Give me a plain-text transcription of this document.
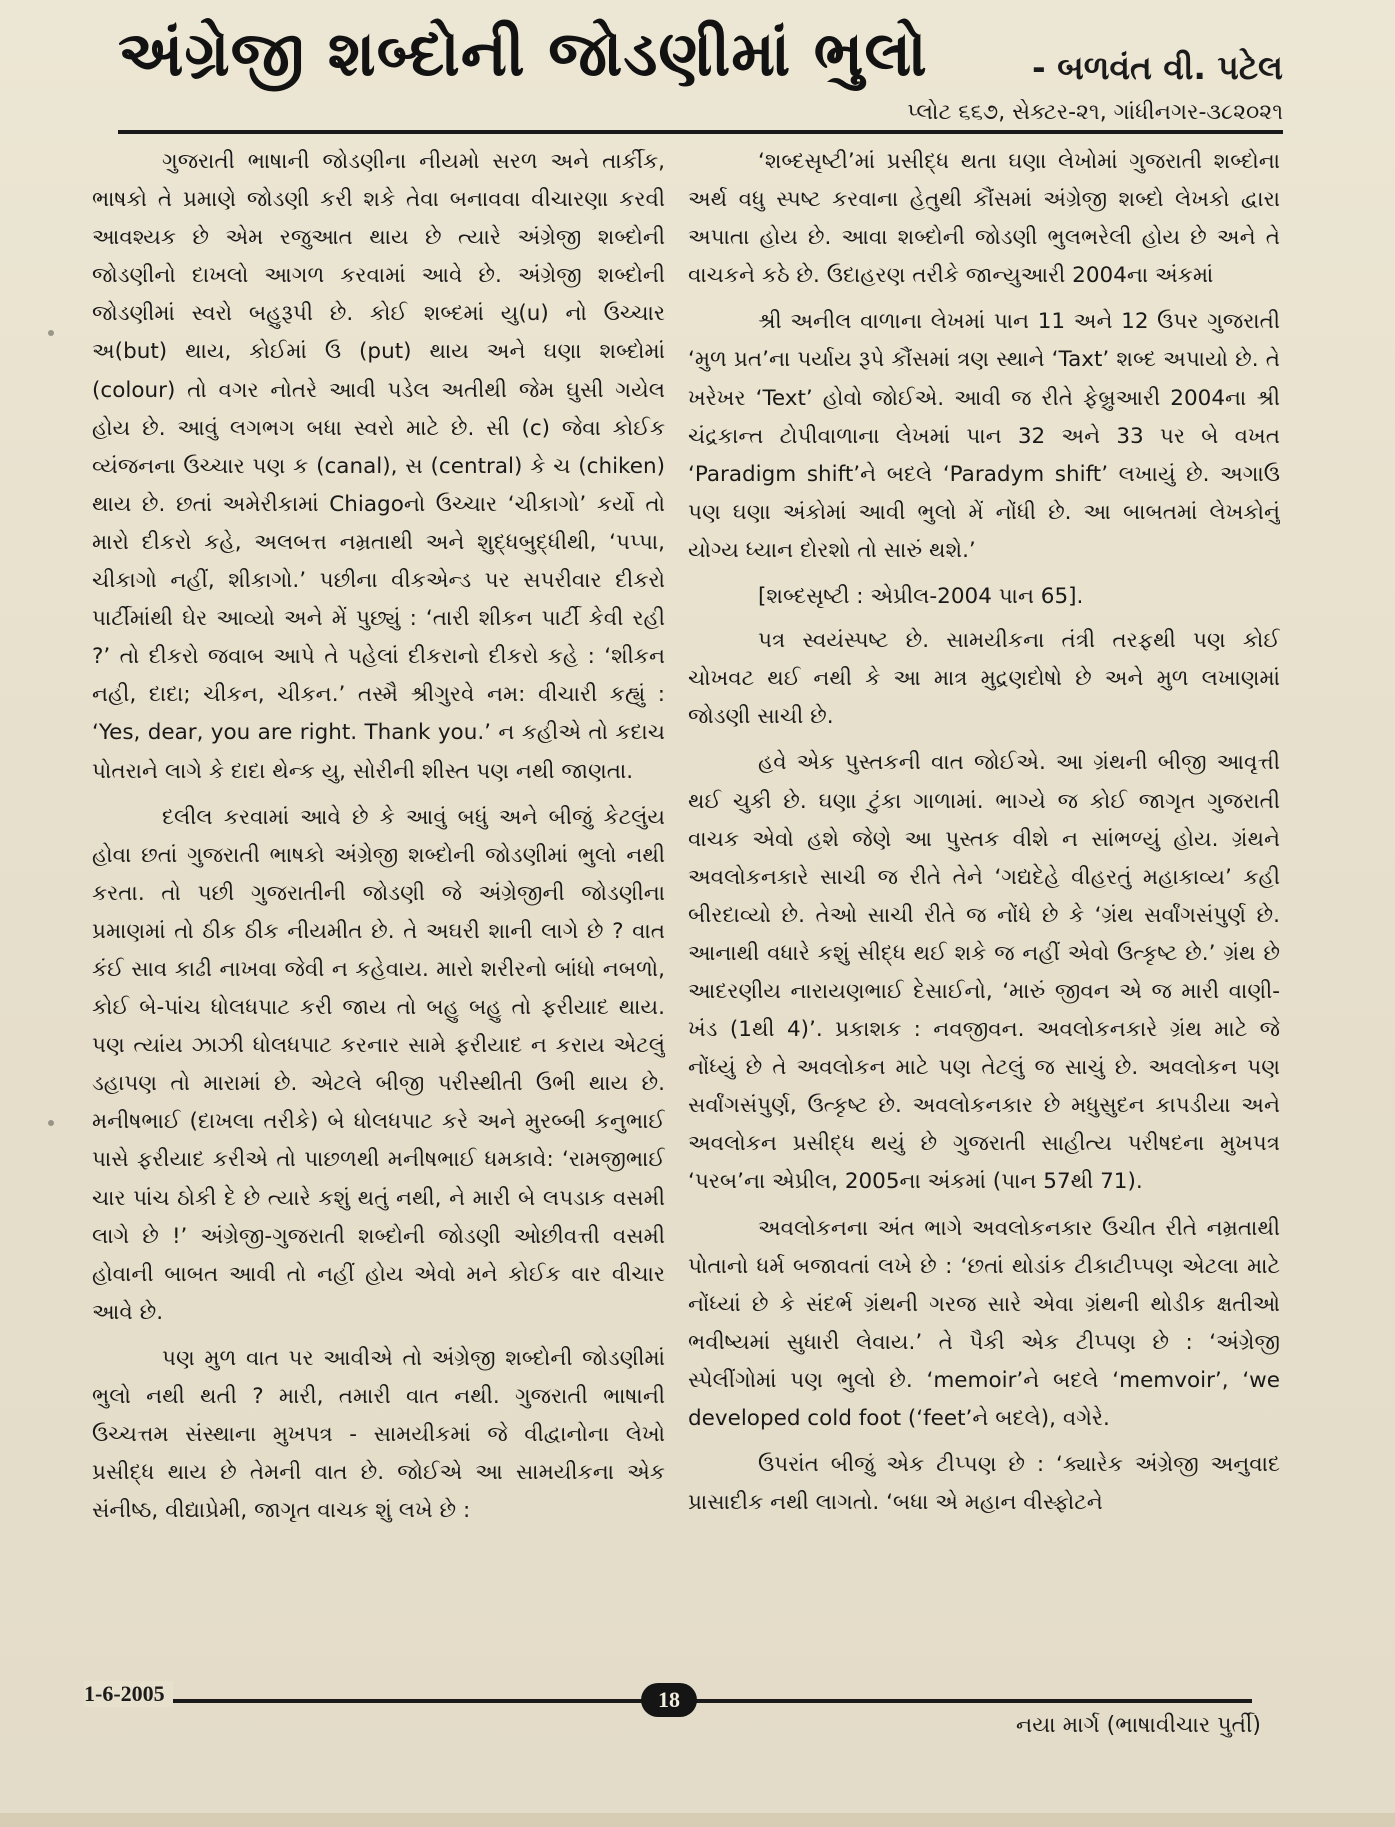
અંગ્રેજી શબ્દોની જોડણીમાં ભુલો	- બળવંત વી. પટેલ
પ્લોટ ૬૬૭, સેક્ટર-૨૧, ગાંધીનગર-૩૮૨૦૨૧

ગુજરાતી ભાષાની જોડણીના નીયમો સરળ અને તાર્કીક, ભાષકો તે પ્રમાણે જોડણી કરી શકે તેવા બનાવવા વીચારણા કરવી આવશ્યક છે એમ રજુઆત થાય છે ત્યારે અંગ્રેજી શબ્દોની જોડણીનો દાખલો આગળ કરવામાં આવે છે. અંગ્રેજી શબ્દોની જોડણીમાં સ્વરો બહુરૂપી છે. કોઈ શબ્દમાં યુ(u) નો ઉચ્ચાર અ(but) થાય, કોઈમાં ઉ (put) થાય અને ઘણા શબ્દોમાં (colour) તો વગર નોતરે આવી પડેલ અતીથી જેમ ઘુસી ગયેલ હોય છે. આવું લગભગ બધા સ્વરો માટે છે. સી (c) જેવા કોઈક વ્યંજનના ઉચ્ચાર પણ ક (canal), સ (central) કે ચ (chiken) થાય છે. છતાં અમેરીકામાં Chiagoનો ઉચ્ચાર ‘ચીકાગો’ કર્યો તો મારો દીકરો કહે, અલબત્ત નમ્રતાથી અને શુદ્ધબુદ્ધીથી, ‘પપ્પા, ચીકાગો નહીં, શીકાગો.’ પછીના વીકએન્ડ પર સપરીવાર દીકરો પાર્ટીમાંથી ઘેર આવ્યો અને મેં પુછ્યું : ‘તારી શીકન પાર્ટી કેવી રહી ?’ તો દીકરો જવાબ આપે તે પહેલાં દીકરાનો દીકરો કહે : ‘શીકન નહી, દાદા; ચીકન, ચીકન.’ તસ્મૈ શ્રીગુરવે નમ: વીચારી કહ્યું : ‘Yes, dear, you are right. Thank you.’ ન કહીએ તો કદાચ પોતરાને લાગે કે દાદા થેન્ક યુ, સોરીની શીસ્ત પણ નથી જાણતા.

દલીલ કરવામાં આવે છે કે આવું બધું અને બીજું કેટલુંય હોવા છતાં ગુજરાતી ભાષકો અંગ્રેજી શબ્દોની જોડણીમાં ભુલો નથી કરતા. તો પછી ગુજરાતીની જોડણી જે અંગ્રેજીની જોડણીના પ્રમાણમાં તો ઠીક ઠીક નીયમીત છે. તે અઘરી શાની લાગે છે ? વાત કંઈ સાવ કાઢી નાખવા જેવી ન કહેવાય. મારો શરીરનો બાંધો નબળો, કોઈ બે-પાંચ ધોલધપાટ કરી જાય તો બહુ બહુ તો ફરીયાદ થાય. પણ ત્યાંય ઝાઝી ધોલધપાટ કરનાર સામે ફરીયાદ ન કરાય એટલું ડહાપણ તો મારામાં છે. એટલે બીજી પરીસ્થીતી ઉભી થાય છે. મનીષભાઈ (દાખલા તરીકે) બે ધોલધપાટ કરે અને મુરબ્બી કનુભાઈ પાસે ફરીયાદ કરીએ તો પાછળથી મનીષભાઈ ધમકાવે: ‘રામજીભાઈ ચાર પાંચ ઠોકી દે છે ત્યારે કશું થતું નથી, ને મારી બે લપડાક વસમી લાગે છે !’ અંગ્રેજી-ગુજરાતી શબ્દોની જોડણી ઓછીવત્તી વસમી હોવાની બાબત આવી તો નહીં હોય એવો મને કોઈક વાર વીચાર આવે છે.

પણ મુળ વાત પર આવીએ તો અંગ્રેજી શબ્દોની જોડણીમાં ભુલો નથી થતી ? મારી, તમારી વાત નથી. ગુજરાતી ભાષાની ઉચ્ચત્તમ સંસ્થાના મુખપત્ર - સામયીકમાં જે વીદ્વાનોના લેખો પ્રસીદ્ધ થાય છે તેમની વાત છે. જોઈએ આ સામયીકના એક સંનીષ્ઠ, વીદ્યાપ્રેમી, જાગૃત વાચક શું લખે છે :

‘શબ્દસૃષ્ટી’માં પ્રસીદ્ધ થતા ઘણા લેખોમાં ગુજરાતી શબ્દોના અર્થ વધુ સ્પષ્ટ કરવાના હેતુથી કૌંસમાં અંગ્રેજી શબ્દો લેખકો દ્વારા અપાતા હોય છે. આવા શબ્દોની જોડણી ભુલભરેલી હોય છે અને તે વાચકને કઠે છે. ઉદાહરણ તરીકે જાન્યુઆરી 2004ના અંકમાં

શ્રી અનીલ વાળાના લેખમાં પાન 11 અને 12 ઉપર ગુજરાતી ‘મુળ પ્રત’ના પર્યાય રૂપે કૌંસમાં ત્રણ સ્થાને ‘Taxt’ શબ્દ અપાયો છે. તે ખરેખર ‘Text’ હોવો જોઈએ. આવી જ રીતે ફેબ્રુઆરી 2004ના શ્રી ચંદ્રકાન્ત ટોપીવાળાના લેખમાં પાન 32 અને 33 પર બે વખત ‘Paradigm shift’ને બદલે ‘Paradym shift’ લખાયું છે. અગાઉ પણ ઘણા અંકોમાં આવી ભુલો મેં નોંધી છે. આ બાબતમાં લેખકોનું યોગ્ય ધ્યાન દોરશો તો સારું થશે.’

[શબ્દસૃષ્ટી : એપ્રીલ-2004 પાન 65].

પત્ર સ્વયંસ્પષ્ટ છે. સામયીકના તંત્રી તરફથી પણ કોઈ ચોખવટ થઈ નથી કે આ માત્ર મુદ્રણદોષો છે અને મુળ લખાણમાં જોડણી સાચી છે.

હવે એક પુસ્તકની વાત જોઈએ. આ ગ્રંથની બીજી આવૃત્તી થઈ ચુકી છે. ઘણા ટુંકા ગાળામાં. ભાગ્યે જ કોઈ જાગૃત ગુજરાતી વાચક એવો હશે જેણે આ પુસ્તક વીશે ન સાંભળ્યું હોય. ગ્રંથને અવલોકનકારે સાચી જ રીતે તેને ‘ગદ્યદેહે વીહરતું મહાકાવ્ય’ કહી બીરદાવ્યો છે. તેઓ સાચી રીતે જ નોંધે છે કે ‘ગ્રંથ સર્વાંગસંપુર્ણ છે. આનાથી વધારે કશું સીદ્ધ થઈ શકે જ નહીં એવો ઉત્કૃષ્ટ છે.’ ગ્રંથ છે આદરણીય નારાયણભાઈ દેસાઈનો, ‘મારું જીવન એ જ મારી વાણી-ખંડ (1થી 4)’. પ્રકાશક : નવજીવન. અવલોકનકારે ગ્રંથ માટે જે નોંધ્યું છે તે અવલોકન માટે પણ તેટલું જ સાચું છે. અવલોકન પણ સર્વાંગસંપુર્ણ, ઉત્કૃષ્ટ છે. અવલોકનકાર છે મધુસુદન કાપડીયા અને અવલોકન પ્રસીદ્ધ થયું છે ગુજરાતી સાહીત્ય પરીષદના મુખપત્ર ‘પરબ’ના એપ્રીલ, 2005ના અંકમાં (પાન 57થી 71).

અવલોકનના અંત ભાગે અવલોકનકાર ઉચીત રીતે નમ્રતાથી પોતાનો ધર્મ બજાવતાં લખે છે : ‘છતાં થોડાંક ટીકાટીપ્પણ એટલા માટે નોંધ્યાં છે કે સંદર્ભ ગ્રંથની ગરજ સારે એવા ગ્રંથની થોડીક ક્ષતીઓ ભવીષ્યમાં સુધારી લેવાય.’ તે પૈકી એક ટીપ્પણ છે : ‘અંગ્રેજી સ્પેલીંગોમાં પણ ભુલો છે. ‘memoir’ને બદલે ‘memvoir’, ‘we developed cold foot (‘feet’ને બદલે), વગેરે.

ઉપરાંત બીજું એક ટીપ્પણ છે : ‘ક્યારેક અંગ્રેજી અનુવાદ પ્રાસાદીક નથી લાગતો. ‘બધા એ મહાન વીસ્ફોટને

1-6-2005	18
નયા માર્ગ (ભાષાવીચાર પુર્તી)
